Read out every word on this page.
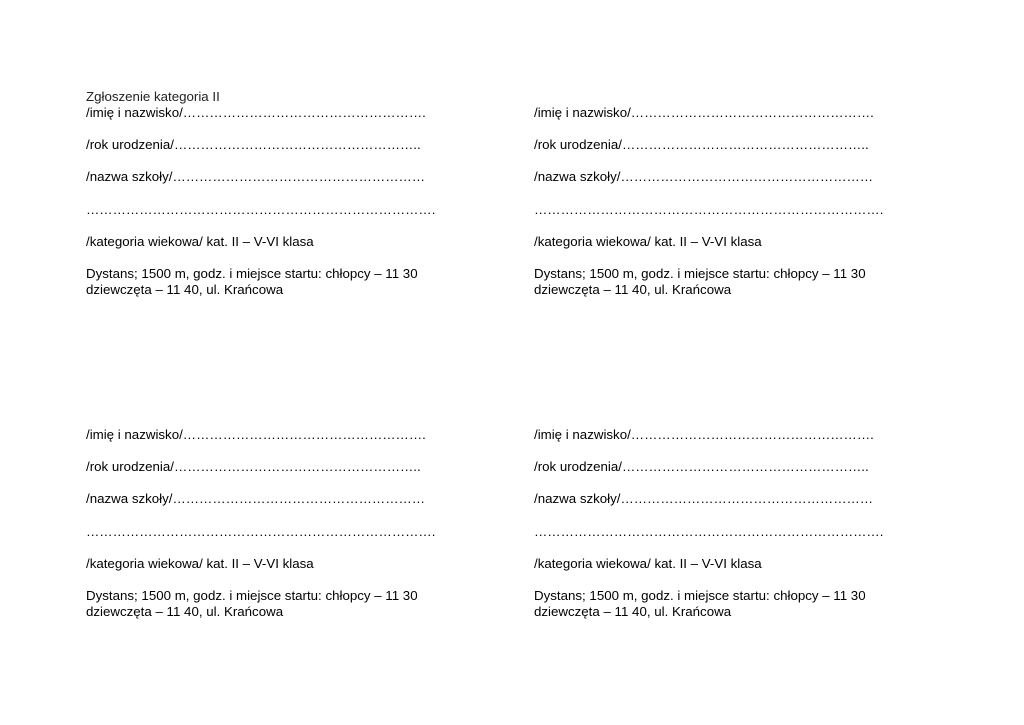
Zgłoszenie kategoria II
/imię i nazwisko/……………………………………………….
/rok urodzenia/………………………………………………..
/nazwa szkoły/…………………………………………………
…………………………………………………………………….
/kategoria wiekowa/ kat. II – V-VI klasa
Dystans; 1500 m, godz. i miejsce startu: chłopcy – 11 30
dziewczęta – 11 40, ul. Krańcowa
/imię i nazwisko/……………………………………………….
/rok urodzenia/………………………………………………..
/nazwa szkoły/…………………………………………………
…………………………………………………………………….
/kategoria wiekowa/ kat. II – V-VI klasa
Dystans; 1500 m, godz. i miejsce startu: chłopcy – 11 30
dziewczęta – 11 40, ul. Krańcowa
/imię i nazwisko/……………………………………………….
/rok urodzenia/………………………………………………..
/nazwa szkoły/…………………………………………………
…………………………………………………………………….
/kategoria wiekowa/ kat. II – V-VI klasa
Dystans; 1500 m, godz. i miejsce startu: chłopcy – 11 30
dziewczęta – 11 40, ul. Krańcowa
/imię i nazwisko/……………………………………………….
/rok urodzenia/………………………………………………..
/nazwa szkoły/…………………………………………………
…………………………………………………………………….
/kategoria wiekowa/ kat. II – V-VI klasa
Dystans; 1500 m, godz. i miejsce startu: chłopcy – 11 30
dziewczęta – 11 40, ul. Krańcowa
